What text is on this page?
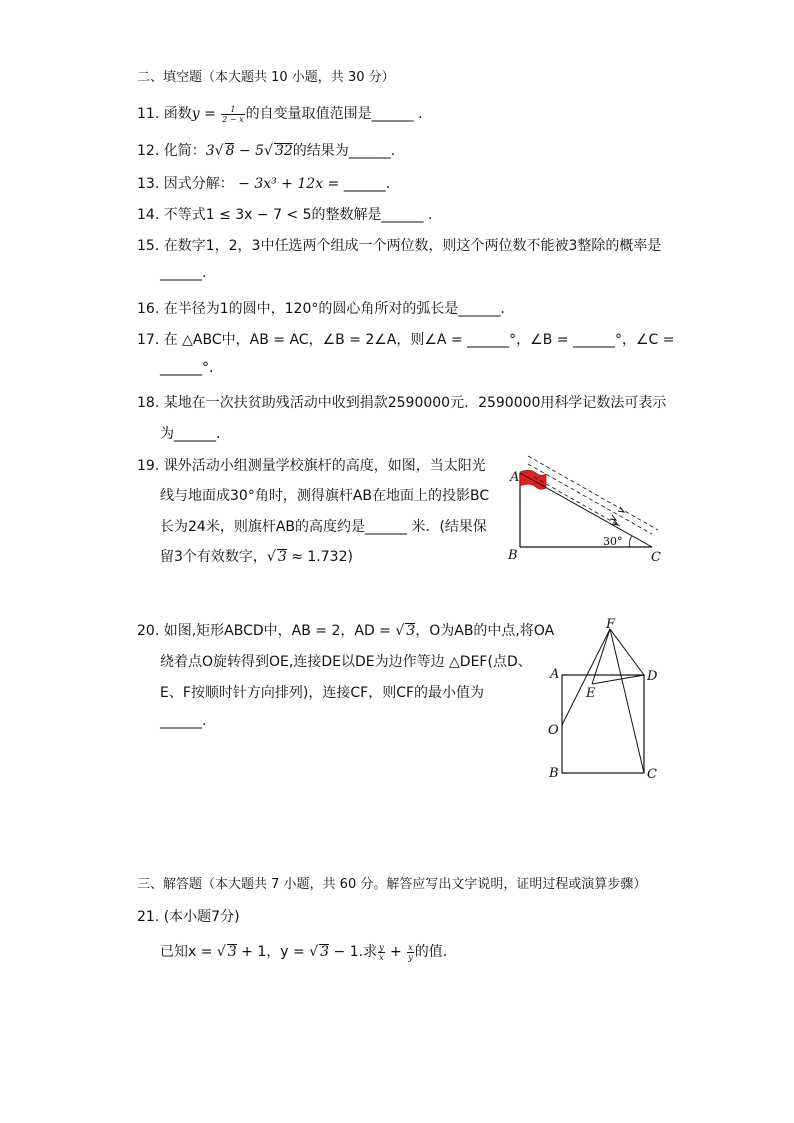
二、填空题（本大题共 10 小题，共 30 分）
11. 函数$y = \frac{1}{2 - x}$ 的自变量取值范围是______ .
12. 化简：3√ 8 − 5√ 32的结果为______.
13. 因式分解： − 3x³ + 12x = ______.
14. 不等式1 ≤ 3x − 7 < 5的整数解是______ .
15. 在数字1，2，3中任选两个组成一个两位数，则这个两位数不能被3整除的概率是
______.
16. 在半径为1的圆中，120°的圆心角所对的弧长是______.
17. 在 △ABC中，AB = AC，∠B = 2∠A，则∠A = ______°，∠B = ______°，∠C =
______°.
18. 某地在一次扶贫助残活动中收到捐款2590000元．2590000用科学记数法可表示
为______.
19. 课外活动小组测量学校旗杆的高度，如图，当太阳光
线与地面成30°角时，测得旗杆AB在地面上的投影BC
长为24米，则旗杆AB的高度约是______ 米．(结果保
留3个有效数字，√ 3 ≈ 1.732)
A
B	C
30°
20. 如图,矩形ABCD中，AB = 2，AD = √ 3，O为AB的中点,将OA
绕着点O旋转得到OE,连接DE以DE为边作等边 △DEF(点D、
E、F按顺时针方向排列)，连接CF，则CF的最小值为
______.
F
A	D
E
O
B	C
三、解答题（本大题共 7 小题，共 60 分。解答应写出文字说明，证明过程或演算步骤）
21. (本小题7分)
已知x = √ 3 + 1，y = √ 3 − 1.求 $\frac{y}{x} + \frac{x}{y}$ 的值.
